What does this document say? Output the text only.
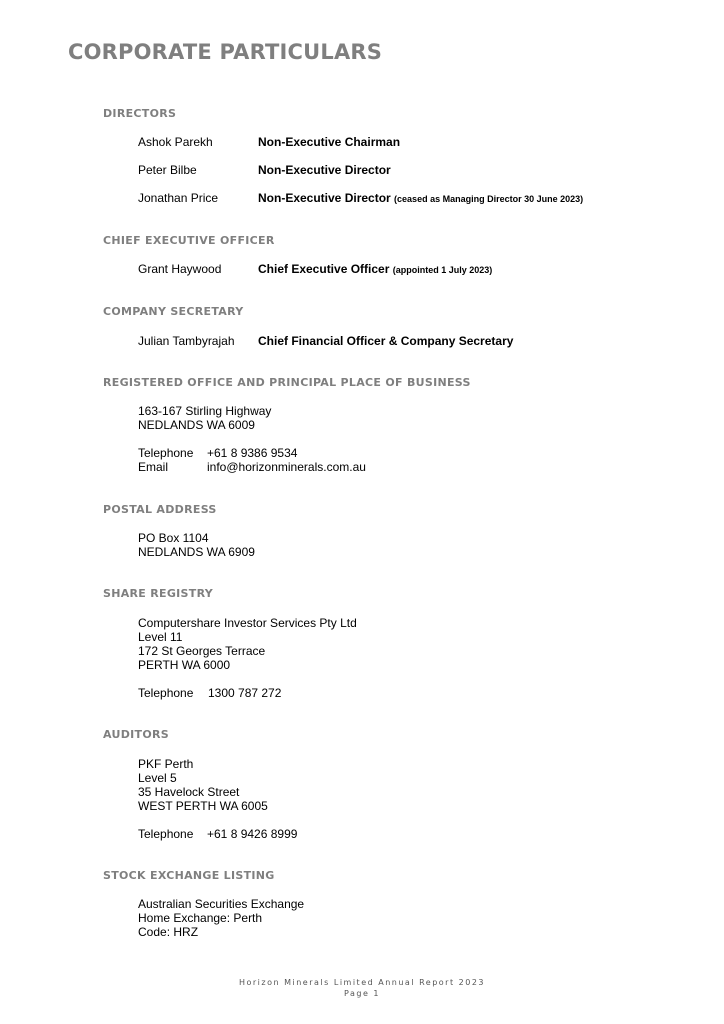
CORPORATE PARTICULARS
DIRECTORS
Ashok Parekh	Non-Executive Chairman
Peter Bilbe	Non-Executive Director
Jonathan Price	Non-Executive Director (ceased as Managing Director 30 June 2023)
CHIEF EXECUTIVE OFFICER
Grant Haywood	Chief Executive Officer (appointed 1 July 2023)
COMPANY SECRETARY
Julian Tambyrajah Chief Financial Officer & Company Secretary
REGISTERED OFFICE AND PRINCIPAL PLACE OF BUSINESS
163-167 Stirling Highway
NEDLANDS WA 6009
Telephone +61 8 9386 9534
Email	info@horizonminerals.com.au
POSTAL ADDRESS
PO Box 1104
NEDLANDS WA 6909
SHARE REGISTRY
Computershare Investor Services Pty Ltd
Level 11
172 St Georges Terrace
PERTH WA 6000
Telephone 1300 787 272
AUDITORS
PKF Perth
Level 5
35 Havelock Street
WEST PERTH WA 6005
Telephone +61 8 9426 8999
STOCK EXCHANGE LISTING
Australian Securities Exchange
Home Exchange: Perth
Code: HRZ
Horizon Minerals Limited Annual Report 2023
Page 1
